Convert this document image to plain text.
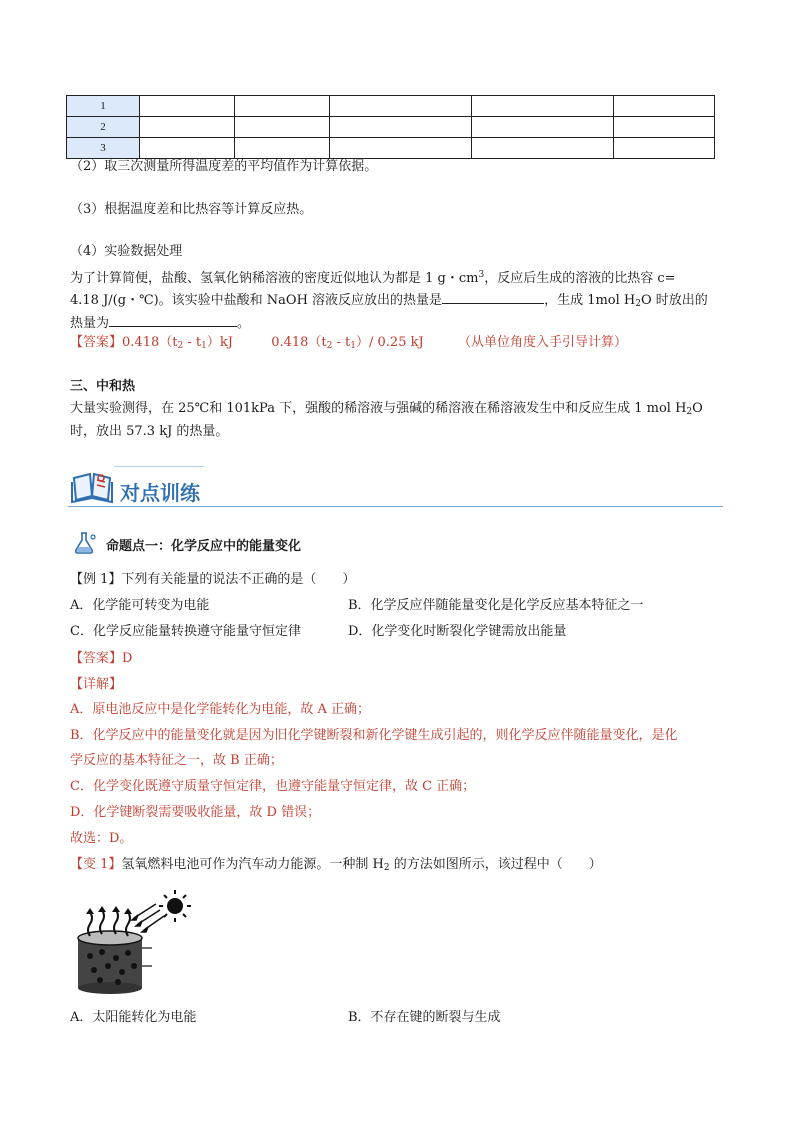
1					
2					
3					
（2）取三次测量所得温度差的平均值作为计算依据。
（3）根据温度差和比热容等计算反应热。
（4）实验数据处理
为了计算简便，盐酸、氢氧化钠稀溶液的密度近似地认为都是 1 g・$cm^3$，反应后生成的溶液的比热容 c=
4.18 J/(g・℃)。该实验中盐酸和 NaOH 溶液反应放出的热量是	，生成 1mol $H_2O$ 时放出的
热量为	。
【答案】$0.418(t_2 - t_1)kJ$	$0.418(t_2 - t_1)/$ 0.25 kJ	（从单位角度入手引导计算）
三、中和热
大量实验测得，在 25℃和 101kPa 下，强酸的稀溶液与强碱的稀溶液在稀溶液发生中和反应生成 1 mol $H_2O$
时，放出 57.3 kJ 的热量。
对点训练
命题点一：化学反应中的能量变化
【例 1】下列有关能量的说法不正确的是（　　）
A．化学能可转变为电能	B．化学反应伴随能量变化是化学反应基本特征之一
C．化学反应能量转换遵守能量守恒定律	D．化学变化时断裂化学键需放出能量
【答案】D
【详解】
A．原电池反应中是化学能转化为电能，故 A 正确；
B．化学反应中的能量变化就是因为旧化学键断裂和新化学键生成引起的，则化学反应伴随能量变化，是化
学反应的基本特征之一，故 B 正确；
C．化学变化既遵守质量守恒定律，也遵守能量守恒定律，故 C 正确；
D．化学键断裂需要吸收能量，故 D 错误；
故选：D。
【变 1】氢氧燃料电池可作为汽车动力能源。一种制 $H_2$ 的方法如图所示，该过程中（　　）
A．太阳能转化为电能	B．不存在键的断裂与生成
